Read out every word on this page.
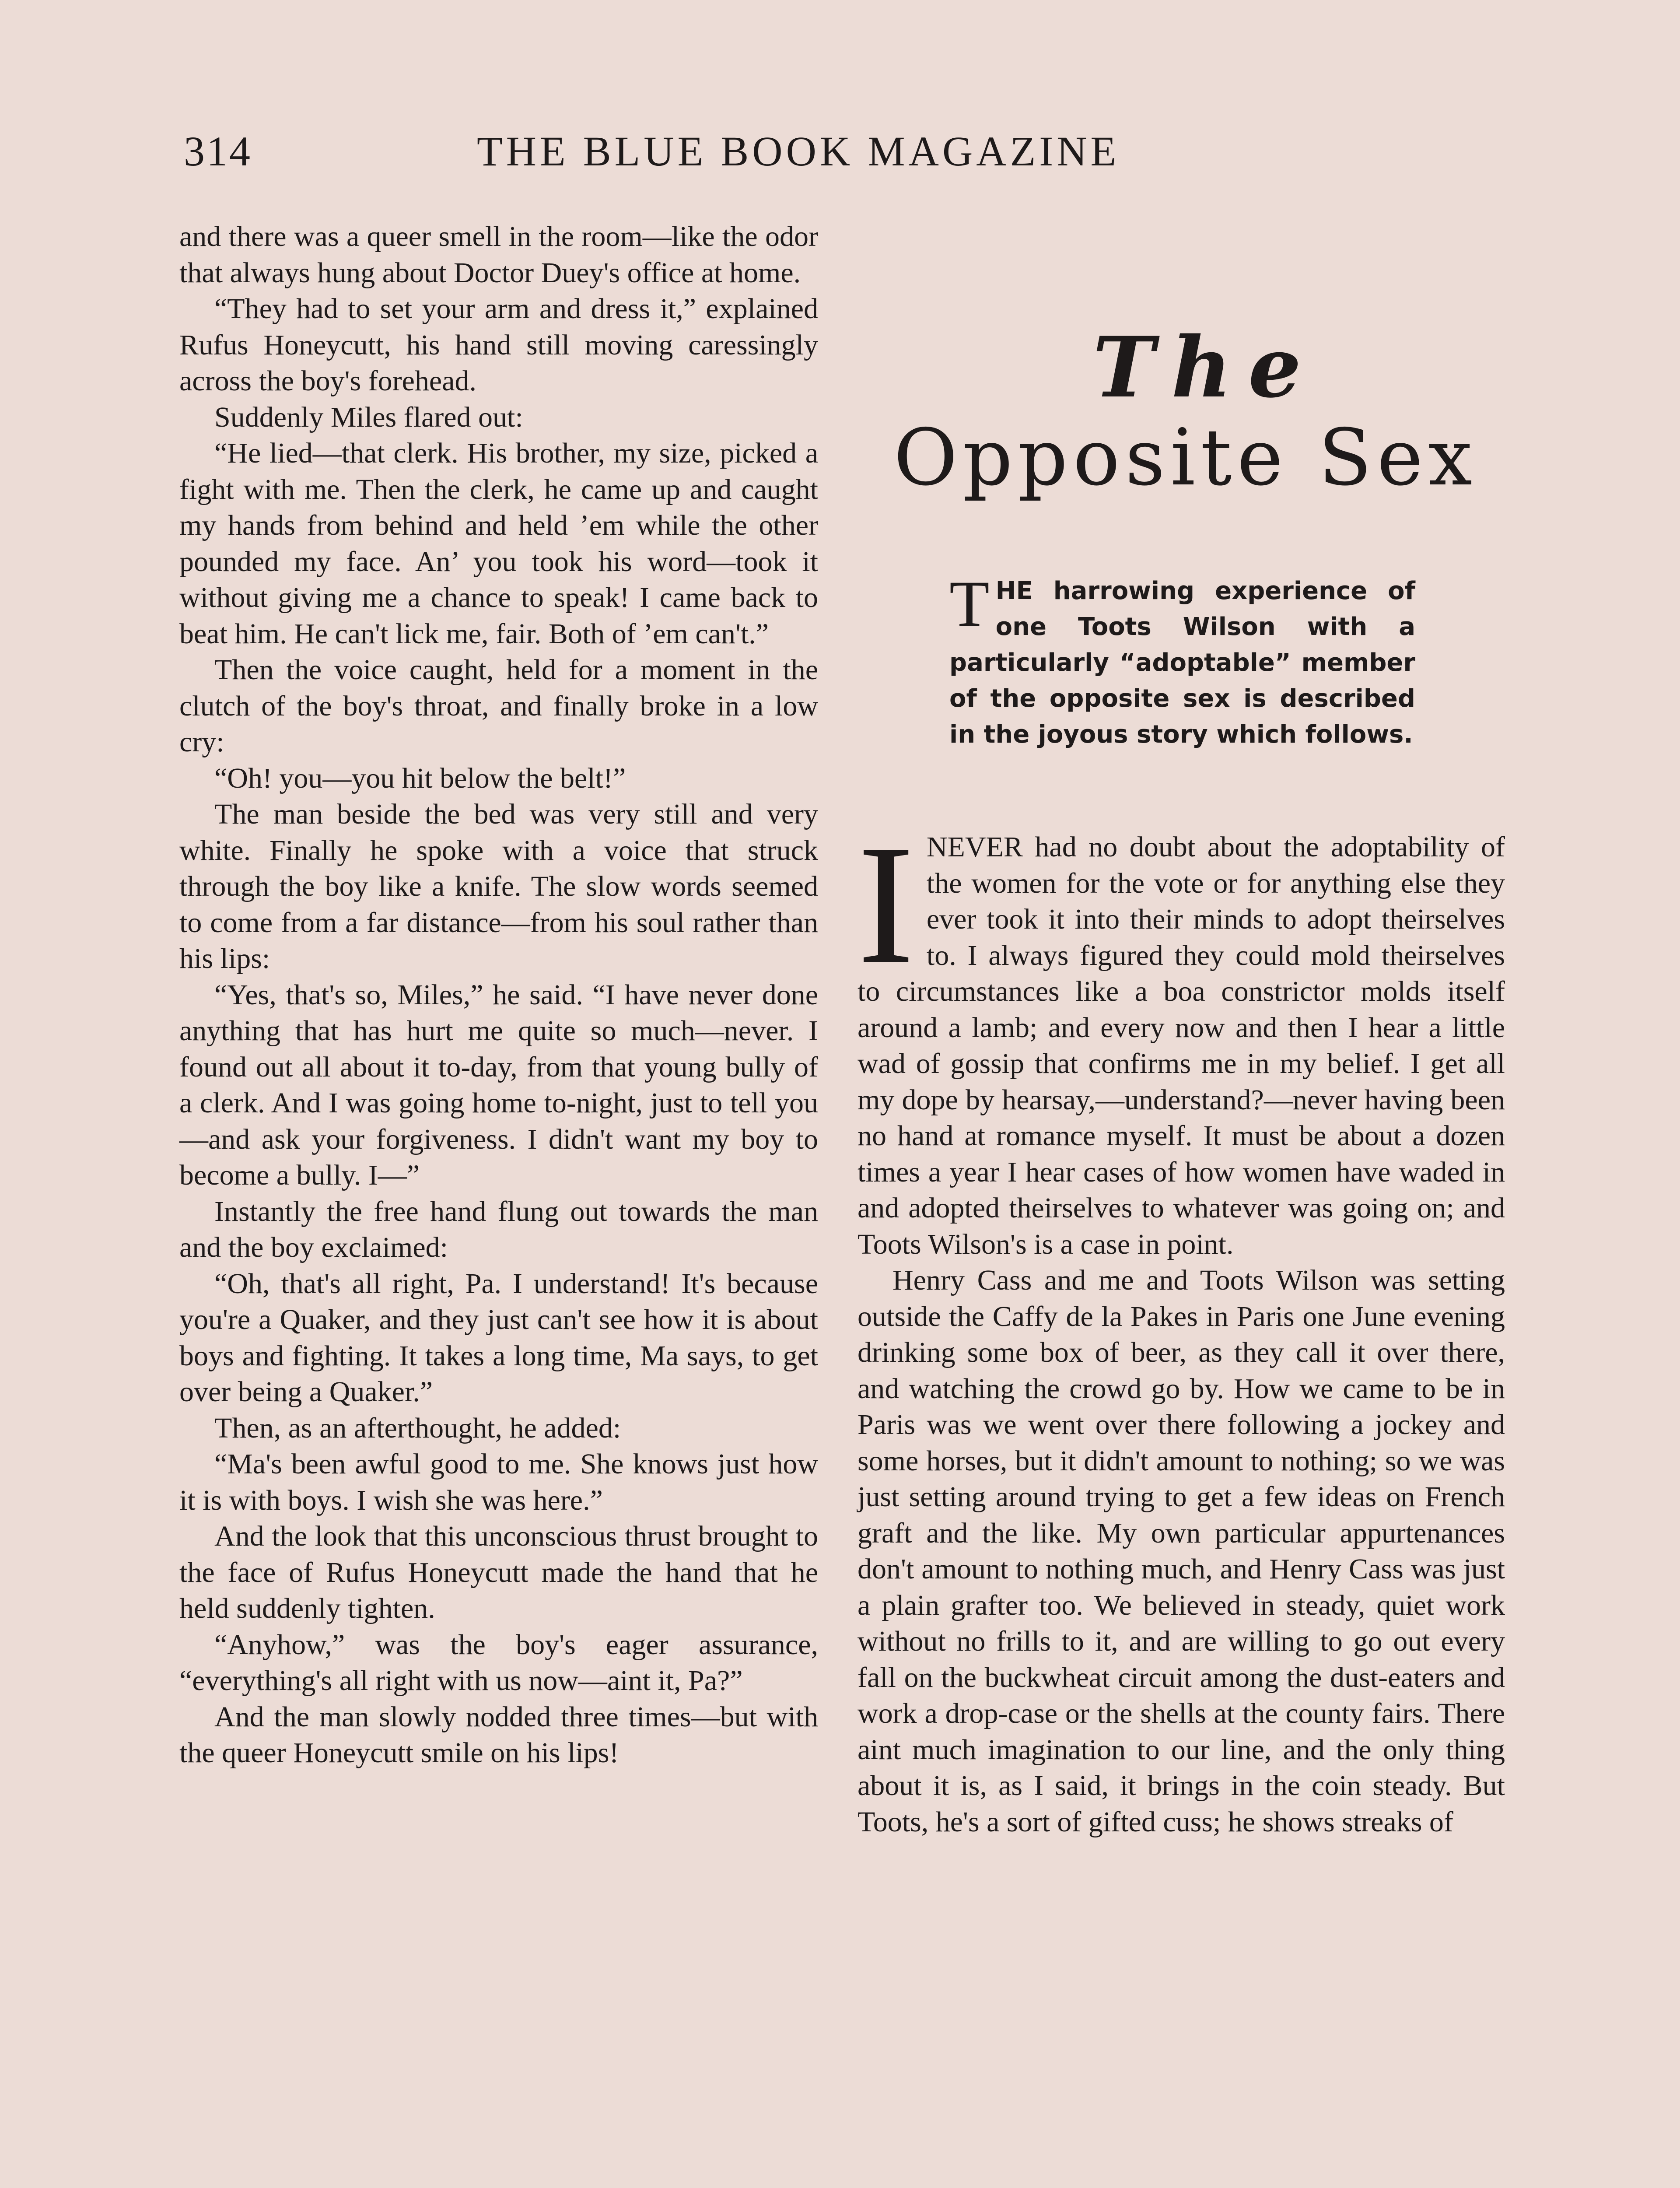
314	THE BLUE BOOK MAGAZINE

and there was a queer smell in the room—like the odor that always hung about Doctor Duey's office at home.

“They had to set your arm and dress it,” explained Rufus Honeycutt, his hand still moving caressingly across the boy's forehead.

Suddenly Miles flared out:

“He lied—that clerk. His brother, my size, picked a fight with me. Then the clerk, he came up and caught my hands from behind and held ’em while the other pounded my face. An’ you took his word—took it without giving me a chance to speak! I came back to beat him. He can't lick me, fair. Both of ’em can't.”

Then the voice caught, held for a moment in the clutch of the boy's throat, and finally broke in a low cry:

“Oh! you—you hit below the belt!”

The man beside the bed was very still and very white. Finally he spoke with a voice that struck through the boy like a knife. The slow words seemed to come from a far distance—from his soul rather than his lips:

“Yes, that's so, Miles,” he said. “I have never done anything that has hurt me quite so much—never. I found out all about it to-day, from that young bully of a clerk. And I was going home to-night, just to tell you—and ask your forgiveness. I didn't want my boy to become a bully. I—”

Instantly the free hand flung out towards the man and the boy exclaimed:

“Oh, that's all right, Pa. I understand! It's because you're a Quaker, and they just can't see how it is about boys and fighting. It takes a long time, Ma says, to get over being a Quaker.”

Then, as an afterthought, he added:

“Ma's been awful good to me. She knows just how it is with boys. I wish she was here.”

And the look that this unconscious thrust brought to the face of Rufus Honeycutt made the hand that he held suddenly tighten.

“Anyhow,” was the boy's eager assurance, “everything's all right with us now—aint it, Pa?”

And the man slowly nodded three times—but with the queer Honeycutt smile on his lips!

The
Opposite Sex
THE harrowing experience of one Toots Wilson with a particularly “adoptable” member of the opposite sex is described in the joyous story which follows.

INEVER had no doubt about the adoptability of the women for the vote or for anything else they ever took it into their minds to adopt theirselves to. I always figured they could mold theirselves to circumstances like a boa constrictor molds itself around a lamb; and every now and then I hear a little wad of gossip that confirms me in my belief. I get all my dope by hearsay,—understand?—never having been no hand at romance myself. It must be about a dozen times a year I hear cases of how women have waded in and adopted theirselves to whatever was going on; and Toots Wilson's is a case in point.

Henry Cass and me and Toots Wilson was setting outside the Caffy de la Pakes in Paris one June evening drinking some box of beer, as they call it over there, and watching the crowd go by. How we came to be in Paris was we went over there following a jockey and some horses, but it didn't amount to nothing; so we was just setting around trying to get a few ideas on French graft and the like. My own particular appurtenances don't amount to nothing much, and Henry Cass was just a plain grafter too. We believed in steady, quiet work without no frills to it, and are willing to go out every fall on the buckwheat circuit among the dust-eaters and work a drop-case or the shells at the county fairs. There aint much imagination to our line, and the only thing about it is, as I said, it brings in the coin steady. But Toots, he's a sort of gifted cuss; he shows streaks of
